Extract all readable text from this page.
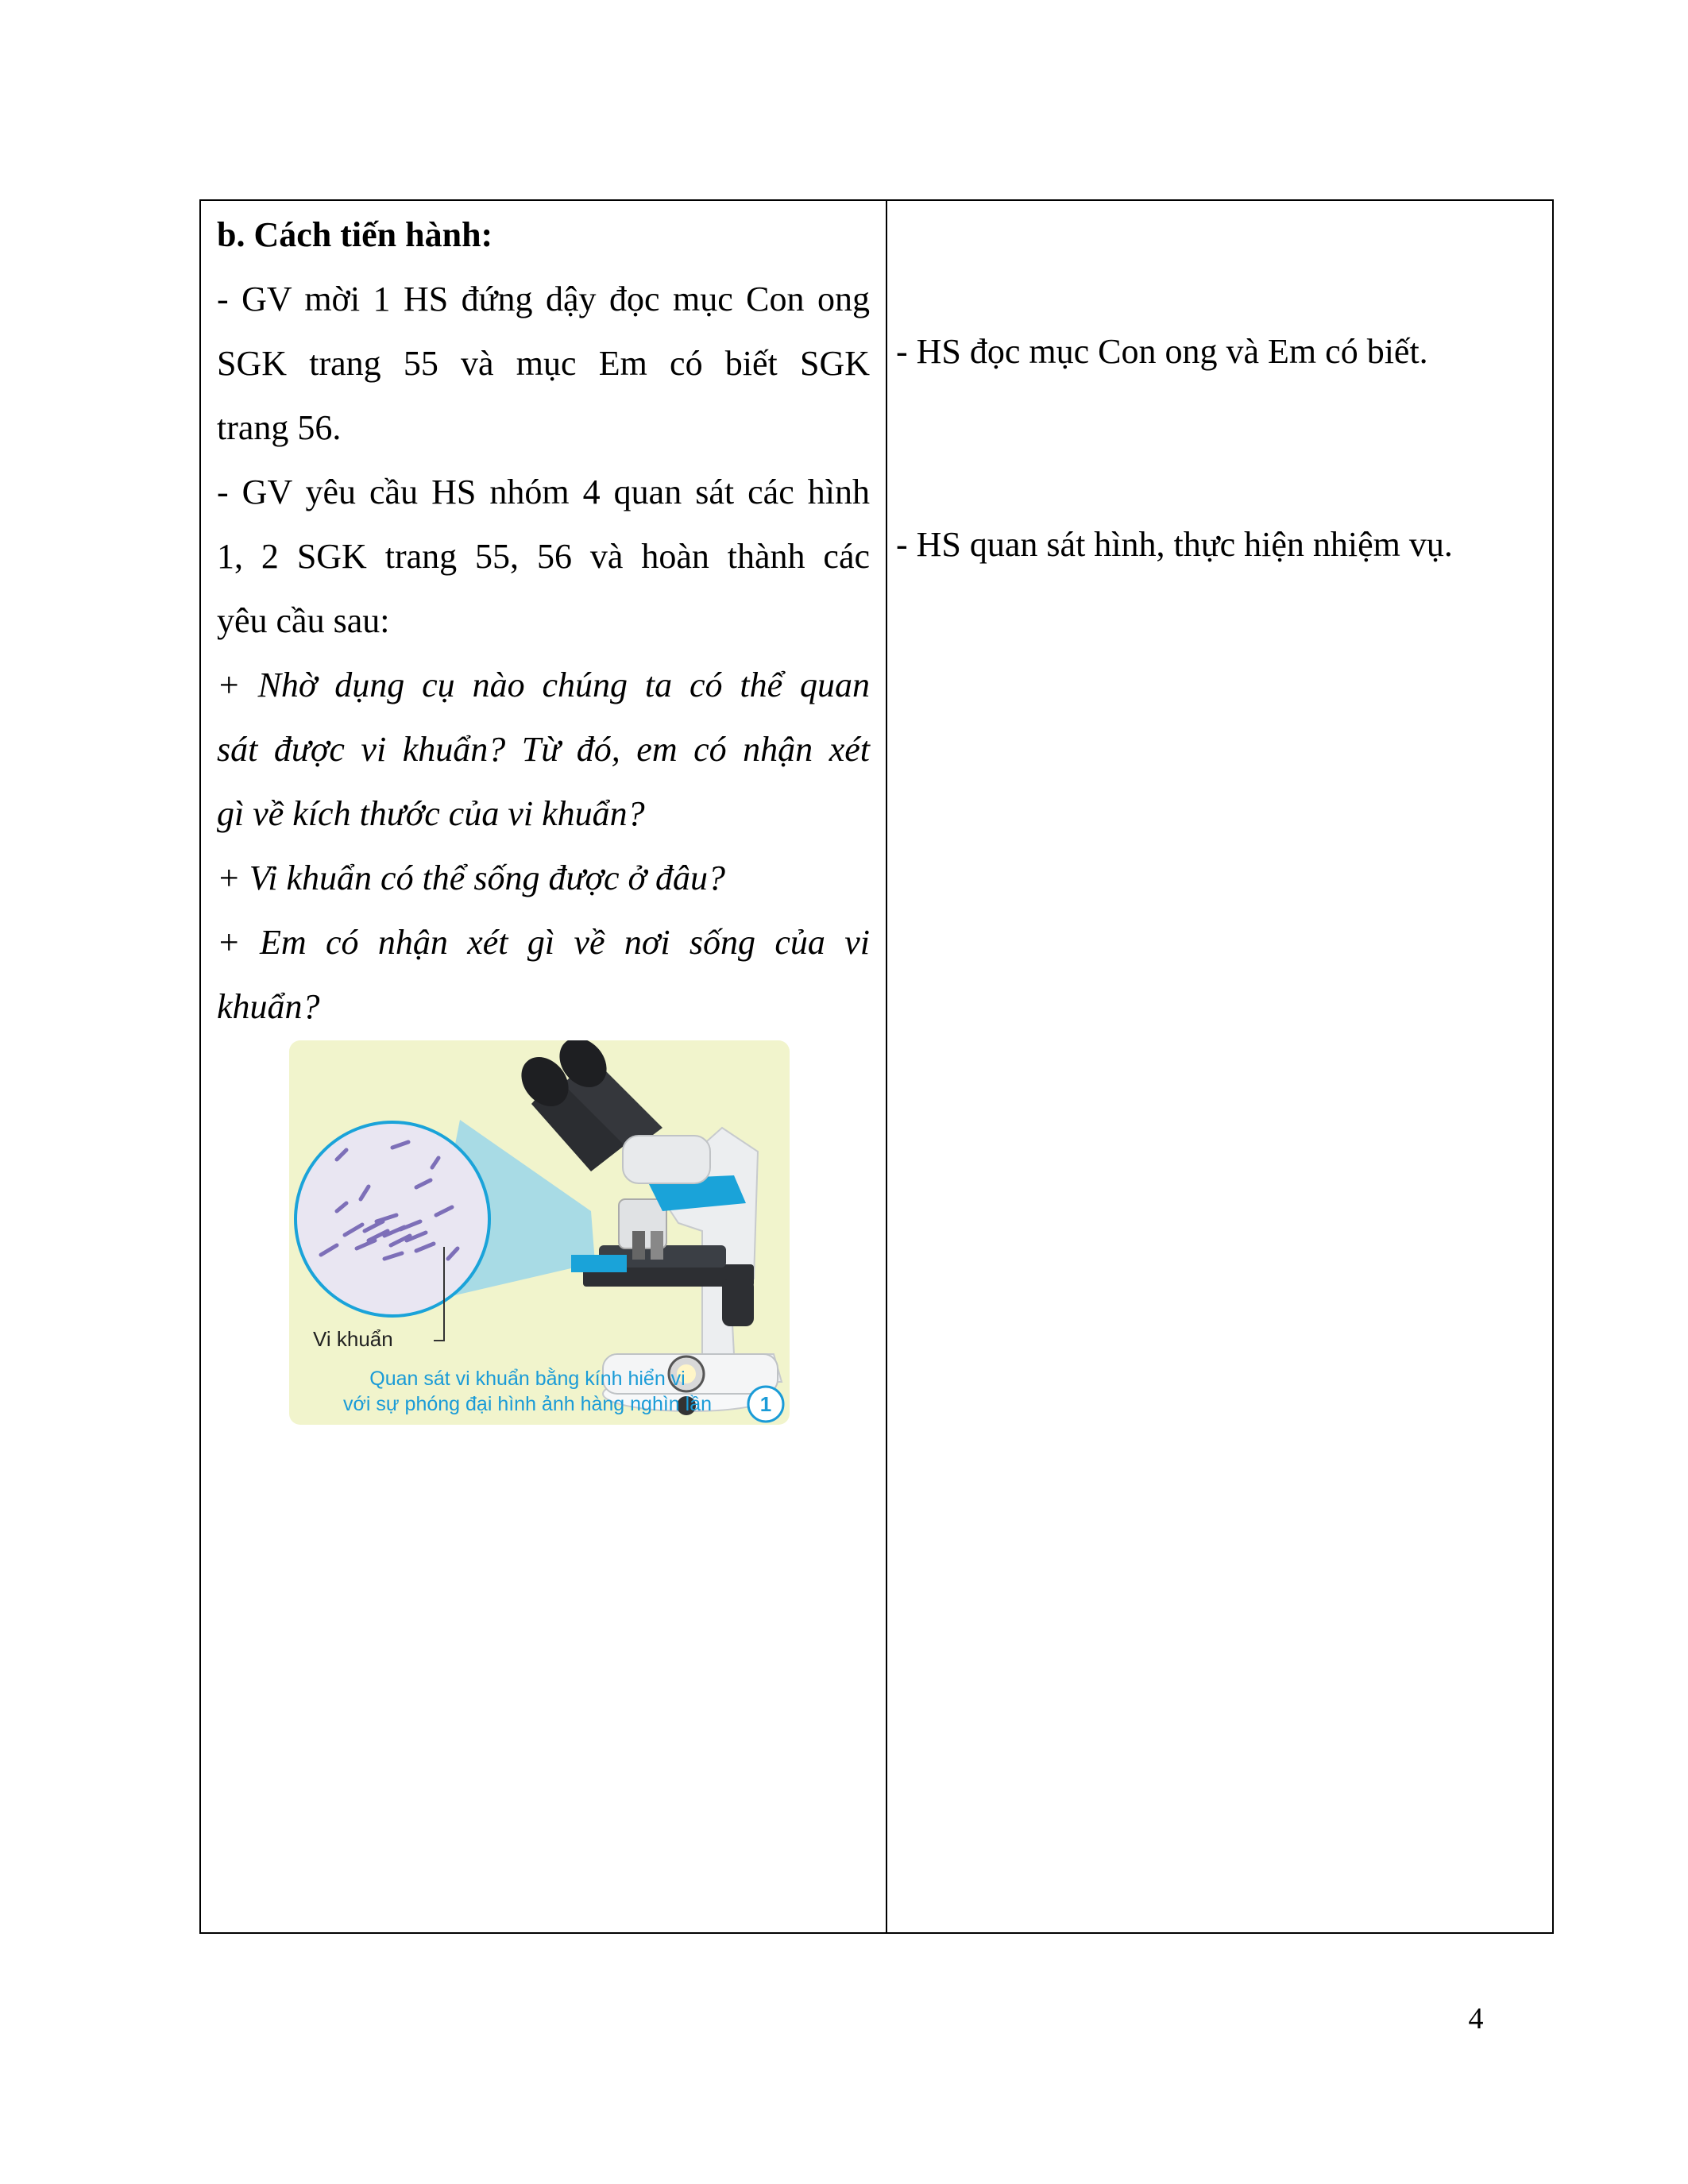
b. Cách tiến hành:

- GV mời 1 HS đứng dậy đọc mục Con ong

SGK trang 55 và mục Em có biết SGK

trang 56.

- GV yêu cầu HS nhóm 4 quan sát các hình

1, 2 SGK trang 55, 56 và hoàn thành các

yêu cầu sau:

+ Nhờ dụng cụ nào chúng ta có thể quan

sát được vi khuẩn? Từ đó, em có nhận xét

gì về kích thước của vi khuẩn?

+ Vi khuẩn có thể sống được ở đâu?

+ Em có nhận xét gì về nơi sống của vi

khuẩn?

- HS đọc mục Con ong và Em có biết.
- HS quan sát hình, thực hiện nhiệm vụ.
Vi khuẩn
Quan sát vi khuẩn bằng kính hiển vi
với sự phóng đại hình ảnh hàng nghìn lần 1
4
